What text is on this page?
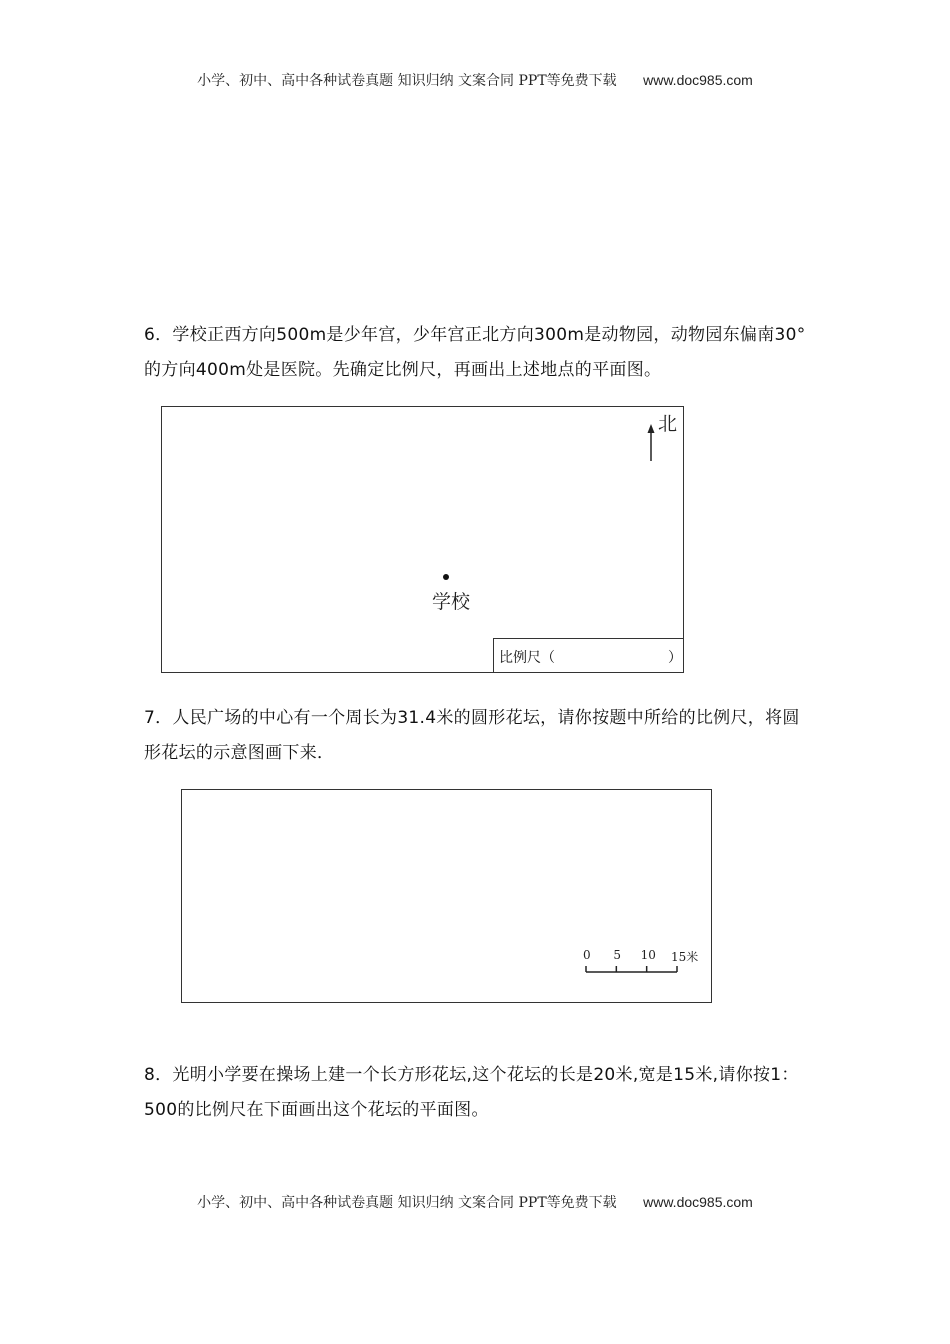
小学、初中、高中各种试卷真题 知识归纳 文案合同 PPT等免费下载 www.doc985.com

6．学校正西方向500m是少年宫，少年宫正北方向300m是动物园，动物园东偏南30°的方向400m处是医院。先确定比例尺，再画出上述地点的平面图。

北
学校
比例尺（	）

7．人民广场的中心有一个周长为31.4米的圆形花坛，请你按题中所给的比例尺，将圆形花坛的示意图画下来．

0 5 10 15米

8．光明小学要在操场上建一个长方形花坛,这个花坛的长是20米,宽是15米,请你按1：500的比例尺在下面画出这个花坛的平面图。

小学、初中、高中各种试卷真题 知识归纳 文案合同 PPT等免费下载 www.doc985.com
